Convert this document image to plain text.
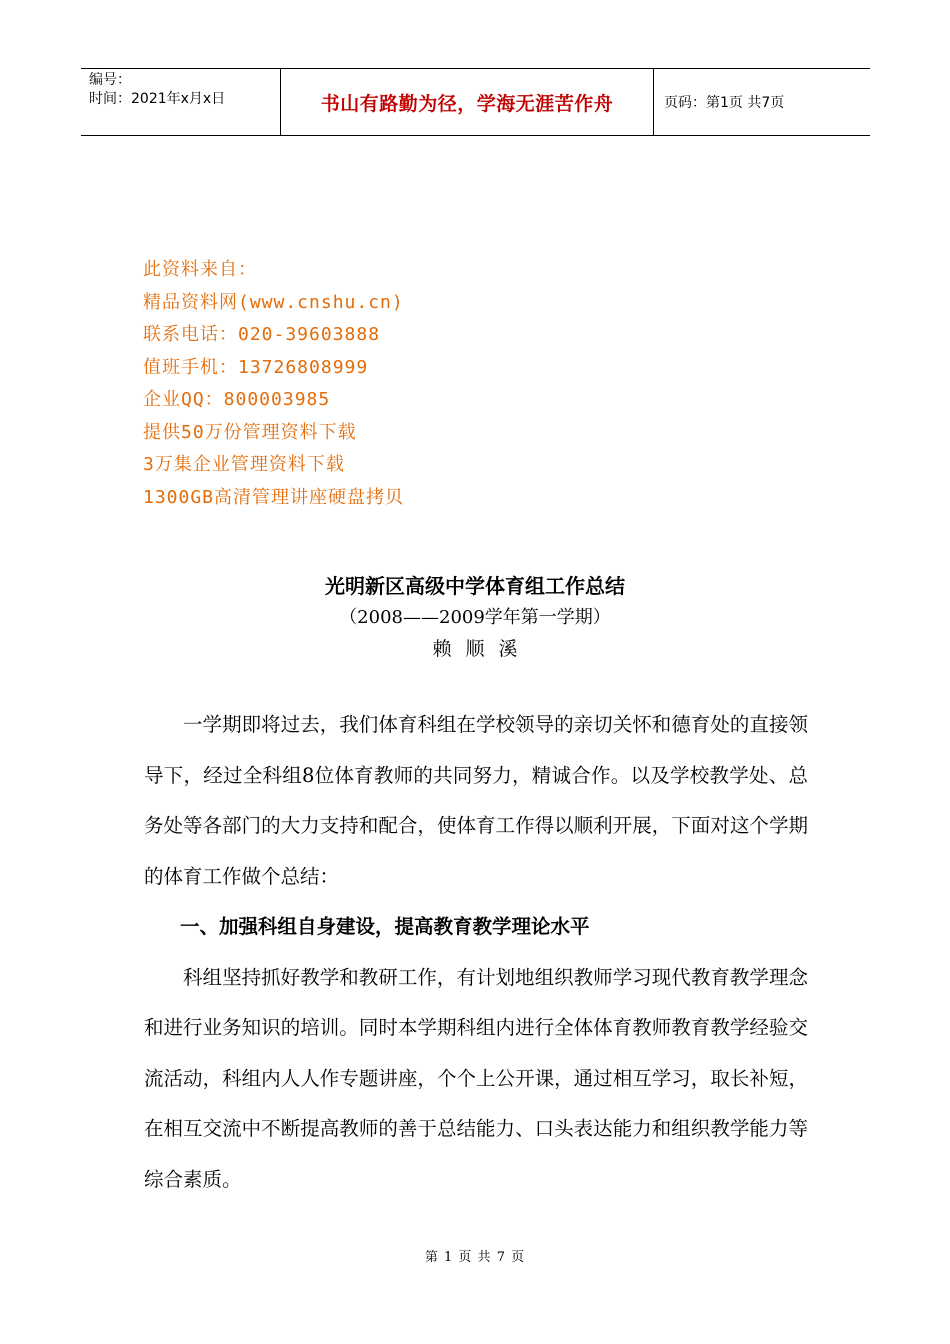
编号：
时间：2021年x月x日	书山有路勤为径，学海无涯苦作舟	页码：第1页 共7页
此资料来自：
精品资料网(www.cnshu.cn)
联系电话：020-39603888
值班手机：13726808999
企业QQ：800003985
提供50万份管理资料下载
3万集企业管理资料下载
1300GB高清管理讲座硬盘拷贝
光明新区高级中学体育组工作总结
（2008——2009学年第一学期）
赖顺溪

一学期即将过去，我们体育科组在学校领导的亲切关怀和德育处的直接领导下，经过全科组8位体育教师的共同努力，精诚合作。以及学校教学处、总务处等各部门的大力支持和配合，使体育工作得以顺利开展，下面对这个学期的体育工作做个总结：

一、加强科组自身建设，提高教育教学理论水平

科组坚持抓好教学和教研工作，有计划地组织教师学习现代教育教学理念和进行业务知识的培训。同时本学期科组内进行全体体育教师教育教学经验交流活动，科组内人人作专题讲座，个个上公开课，通过相互学习，取长补短，在相互交流中不断提高教师的善于总结能力、口头表达能力和组织教学能力等综合素质。

第 1 页 共 7 页
